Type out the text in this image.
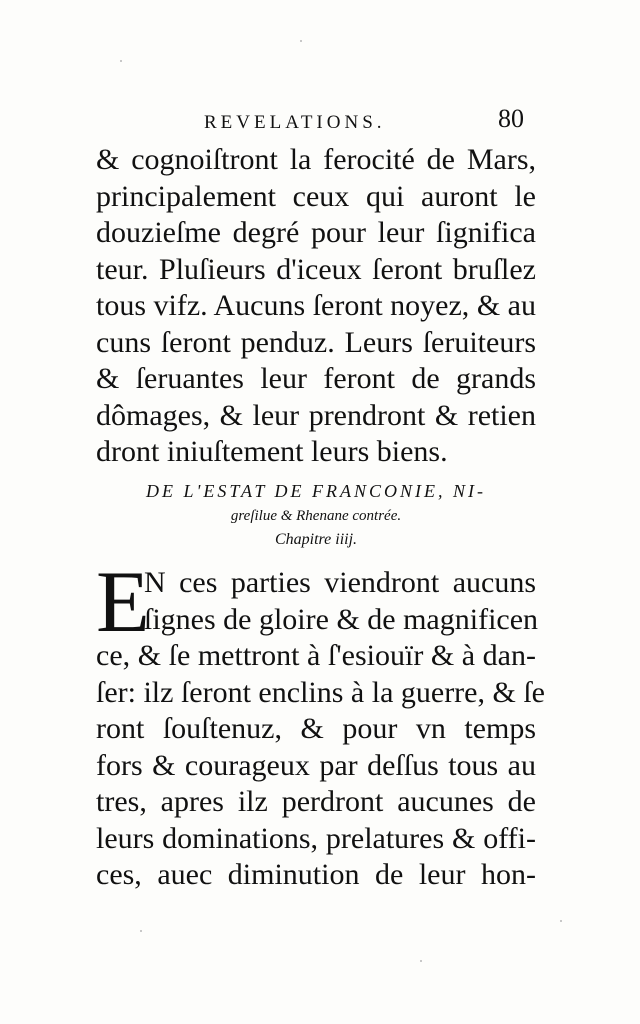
REVELATIONS.	80
& cognoiſtront la ferocité de Mars,
principalement ceux qui auront le
douzieſme degré pour leur ſignifica
teur. Pluſieurs d'iceux ſeront bruſlez
tous vifz. Aucuns ſeront noyez, & au
cuns ſeront penduz. Leurs ſeruiteurs
& ſeruantes leur feront de grands
dômages, & leur prendront & retien
dront iniuſtement leurs biens.
DE L'ESTAT DE FRANCONIE, NI-
greſilue & Rhenane contrée.
Chapitre iiij.
E
N ces parties viendront aucuns
ſignes de gloire & de magnificen
ce, & ſe mettront à ſ'esiouïr & à dan-
ſer: ilz ſeront enclins à la guerre, & ſe
ront ſouſtenuz, & pour vn temps
fors & courageux par deſſus tous au
tres, apres ilz perdront aucunes de
leurs dominations, prelatures & offi-
ces, auec diminution de leur hon-
